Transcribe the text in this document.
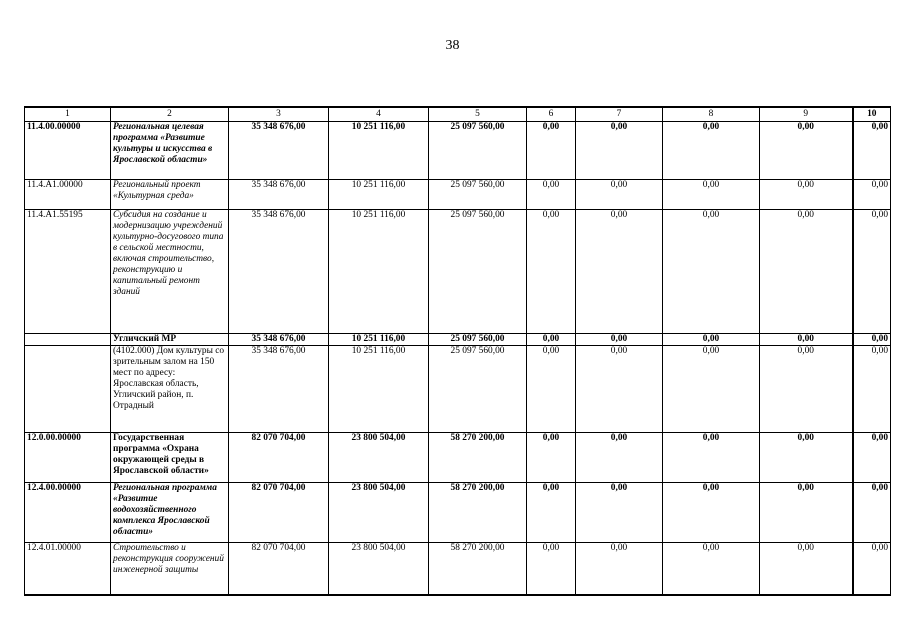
38
1	2	3	4	5	6	7	8	9	10
11.4.00.00000	Региональная целевая программа «Развитие культуры и искусства в Ярославской области»	35 348 676,00	10 251 116,00	25 097 560,00	0,00	0,00	0,00	0,00	0,00
11.4.A1.00000	Региональный проект «Культурная среда»	35 348 676,00	10 251 116,00	25 097 560,00	0,00	0,00	0,00	0,00	0,00
11.4.A1.55195	Субсидия на создание и модернизацию учреждений культурно-досугового типа в сельской местности, включая строительство, реконструкцию и капитальный ремонт зданий	35 348 676,00	10 251 116,00	25 097 560,00	0,00	0,00	0,00	0,00	0,00
	Угличский МР	35 348 676,00	10 251 116,00	25 097 560,00	0,00	0,00	0,00	0,00	0,00
	(4102.000) Дом культуры со зрительным залом на 150 мест по адресу: Ярославская область, Угличский район, п. Отрадный	35 348 676,00	10 251 116,00	25 097 560,00	0,00	0,00	0,00	0,00	0,00
12.0.00.00000	Государственная программа «Охрана окружающей среды в Ярославской области»	82 070 704,00	23 800 504,00	58 270 200,00	0,00	0,00	0,00	0,00	0,00
12.4.00.00000	Региональная программа «Развитие водохозяйственного комплекса Ярославской области»	82 070 704,00	23 800 504,00	58 270 200,00	0,00	0,00	0,00	0,00	0,00
12.4.01.00000	Строительство и реконструкция сооружений инженерной защиты	82 070 704,00	23 800 504,00	58 270 200,00	0,00	0,00	0,00	0,00	0,00
